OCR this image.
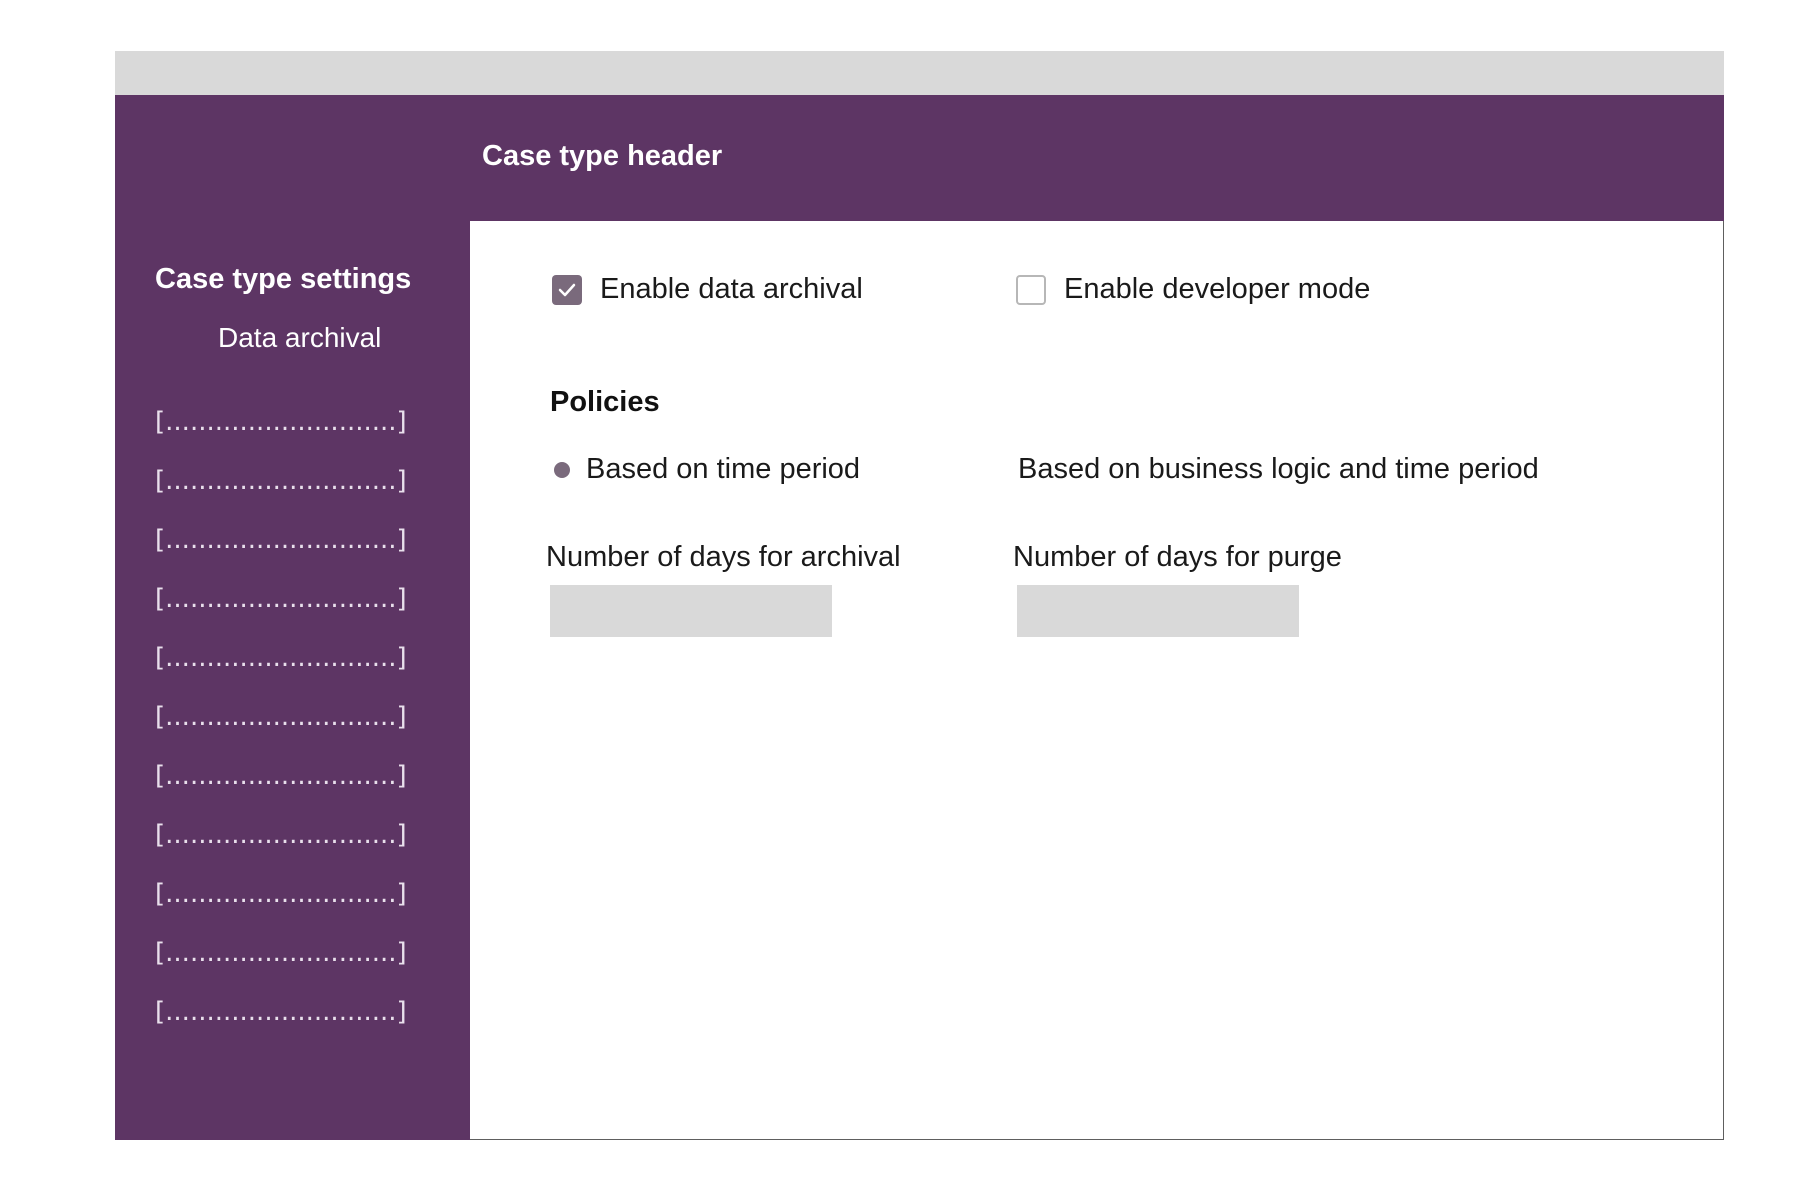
Case type header
Case type settings
Data archival
[............................]
[............................]
[............................]
[............................]
[............................]
[............................]
[............................]
[............................]
[............................]
[............................]
[............................]
Enable data archival	Enable developer mode
Policies
Based on time period	Based on business logic and time period
Number of days for archival	Number of days for purge
